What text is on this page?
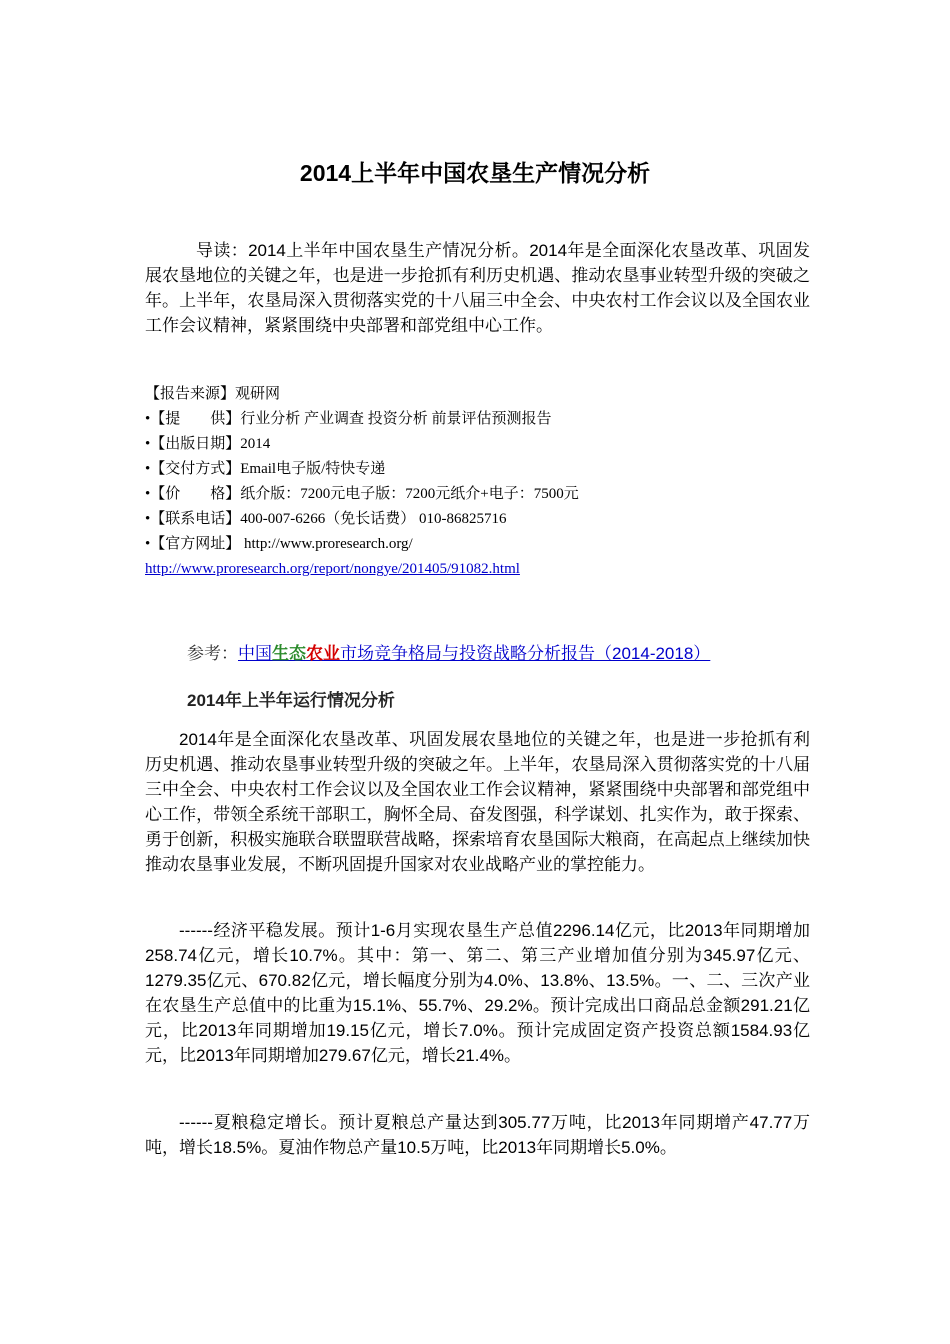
2014上半年中国农垦生产情况分析

导读：2014上半年中国农垦生产情况分析。2014年是全面深化农垦改革、巩固发展农垦地位的关键之年，也是进一步抢抓有利历史机遇、推动农垦事业转型升级的突破之年。上半年，农垦局深入贯彻落实党的十八届三中全会、中央农村工作会议以及全国农业工作会议精神，紧紧围绕中央部署和部党组中心工作。

【报告来源】观研网
•【提　　供】行业分析 产业调查 投资分析 前景评估预测报告
•【出版日期】2014
•【交付方式】Email电子版/特快专递
•【价　　格】纸介版：7200元电子版：7200元纸介+电子：7500元
•【联系电话】400-007-6266（免长话费） 010-86825716
•【官方网址】 http://www.proresearch.org/
http://www.proresearch.org/report/nongye/201405/91082.html
参考：中国生态农业市场竞争格局与投资战略分析报告（2014-2018）
2014年上半年运行情况分析

2014年是全面深化农垦改革、巩固发展农垦地位的关键之年，也是进一步抢抓有利历史机遇、推动农垦事业转型升级的突破之年。上半年，农垦局深入贯彻落实党的十八届三中全会、中央农村工作会议以及全国农业工作会议精神，紧紧围绕中央部署和部党组中心工作，带领全系统干部职工，胸怀全局、奋发图强，科学谋划、扎实作为，敢于探索、勇于创新，积极实施联合联盟联营战略，探索培育农垦国际大粮商，在高起点上继续加快推动农垦事业发展，不断巩固提升国家对农业战略产业的掌控能力。

------经济平稳发展。预计1-6月实现农垦生产总值2296.14亿元，比2013年同期增加258.74亿元，增长10.7%。其中：第一、第二、第三产业增加值分别为345.97亿元、1279.35亿元、670.82亿元，增长幅度分别为4.0%、13.8%、13.5%。一、二、三次产业在农垦生产总值中的比重为15.1%、55.7%、29.2%。预计完成出口商品总金额291.21亿元，比2013年同期增加19.15亿元，增长7.0%。预计完成固定资产投资总额1584.93亿元，比2013年同期增加279.67亿元，增长21.4%。

------夏粮稳定增长。预计夏粮总产量达到305.77万吨，比2013年同期增产47.77万吨，增长18.5%。夏油作物总产量10.5万吨，比2013年同期增长5.0%。
